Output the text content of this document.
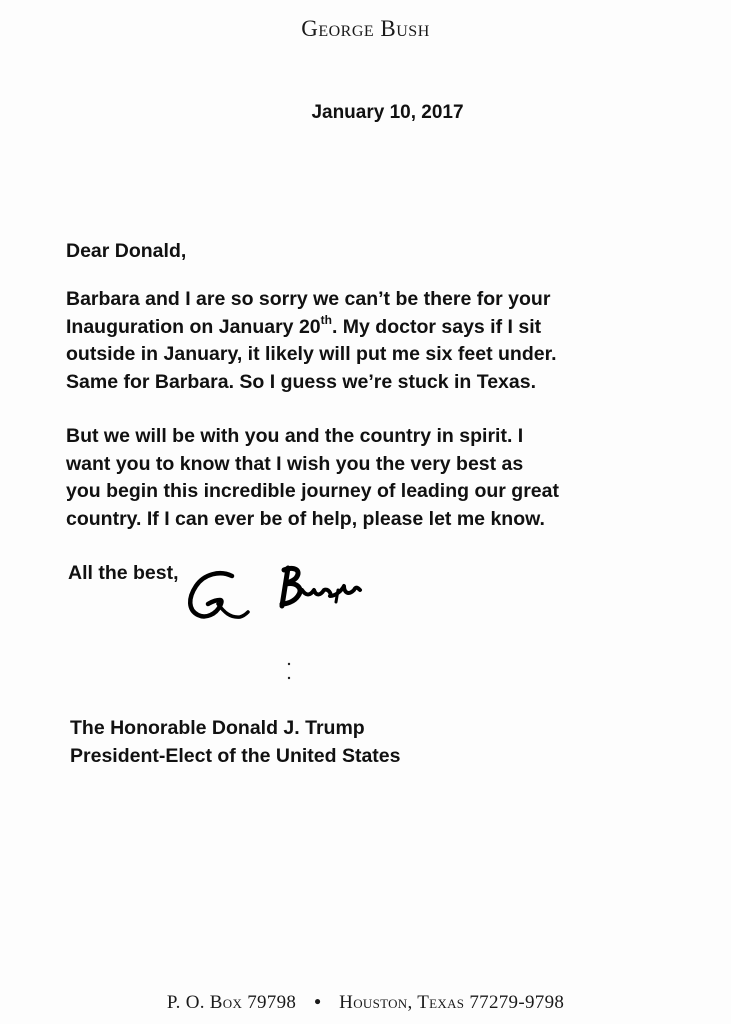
George Bush
January 10, 2017
Dear Donald,

Barbara and I are so sorry we can’t be there for your
Inauguration on January 20th. My doctor says if I sit
outside in January, it likely will put me six feet under.
Same for Barbara. So I guess we’re stuck in Texas.

But we will be with you and the country in spirit. I
want you to know that I wish you the very best as
you begin this incredible journey of leading our great
country. If I can ever be of help, please let me know.

All the best,
The Honorable Donald J. Trump
President-Elect of the United States
P. O. Box 79798 • Houston, Texas 77279-9798
